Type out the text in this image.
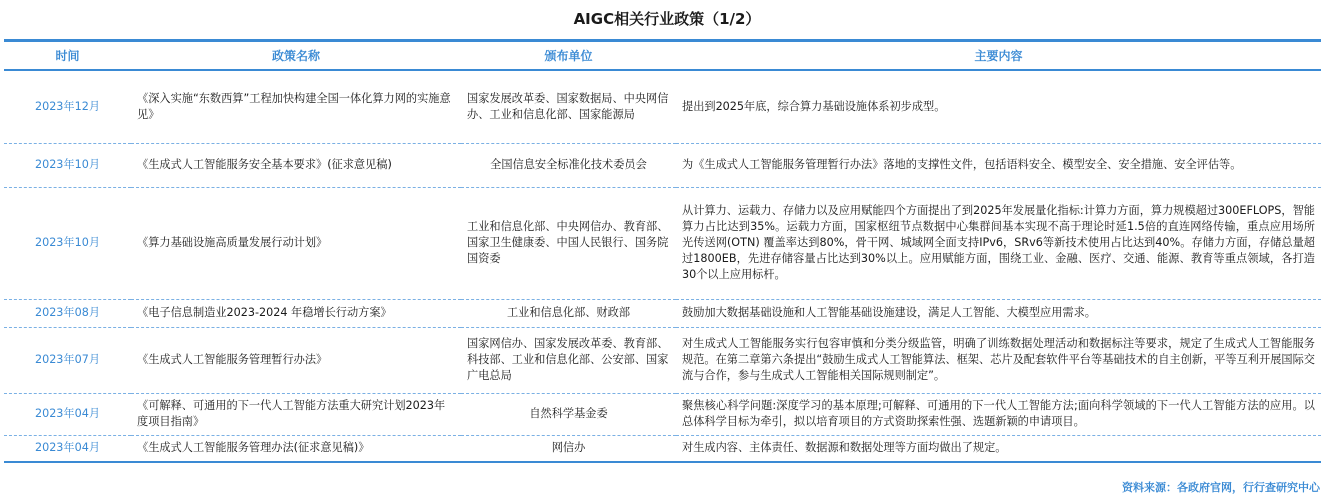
AIGC相关行业政策（1/2）
时间	政策名称	颁布单位	主要内容
2023年12月	《深入实施“东数西算”工程加快构建全国一体化算力网的实施意见》	国家发展改革委、国家数据局、中央网信办、工业和信息化部、国家能源局	提出到2025年底，综合算力基础设施体系初步成型。
2023年10月	《生成式人工智能服务安全基本要求》(征求意见稿)	全国信息安全标准化技术委员会	为《生成式人工智能服务管理暂行办法》落地的支撑性文件，包括语料安全、模型安全、安全措施、安全评估等。
2023年10月	《算力基础设施高质量发展行动计划》	工业和信息化部、中央网信办、教育部、国家卫生健康委、中国人民银行、国务院国资委	从计算力、运载力、存储力以及应用赋能四个方面提出了到2025年发展量化指标:计算力方面，算力规模超过300EFLOPS，智能算力占比达到35%。运载力方面，国家枢纽节点数据中心集群间基本实现不高于理论时延1.5倍的直连网络传输，重点应用场所光传送网(OTN) 覆盖率达到80%，骨干网、城域网全面支持IPv6，SRv6等新技术使用占比达到40%。存储力方面，存储总量超过1800EB，先进存储容量占比达到30%以上。应用赋能方面，围绕工业、金融、医疗、交通、能源、教育等重点领域，各打造30个以上应用标杆。
2023年08月	《电子信息制造业2023-2024 年稳增长行动方案》	工业和信息化部、财政部	鼓励加大数据基础设施和人工智能基础设施建设，满足人工智能、大模型应用需求。
2023年07月	《生成式人工智能服务管理暂行办法》	国家网信办、国家发展改革委、教育部、科技部、工业和信息化部、公安部、国家广电总局	对生成式人工智能服务实行包容审慎和分类分级监管，明确了训练数据处理活动和数据标注等要求，规定了生成式人工智能服务规范。在第二章第六条提出“鼓励生成式人工智能算法、框架、芯片及配套软件平台等基础技术的自主创新，平等互利开展国际交流与合作，参与生成式人工智能相关国际规则制定”。
2023年04月	《可解释、可通用的下一代人工智能方法重大研究计划2023年度项目指南》	自然科学基金委	聚焦核心科学问题:深度学习的基本原理;可解释、可通用的下一代人工智能方法;面向科学领域的下一代人工智能方法的应用。以总体科学目标为牵引，拟以培育项目的方式资助探索性强、选题新颖的申请项目。
2023年04月	《生成式人工智能服务管理办法(征求意见稿)》	网信办	对生成内容、主体责任、数据源和数据处理等方面均做出了规定。
资料来源：各政府官网，行行查研究中心
